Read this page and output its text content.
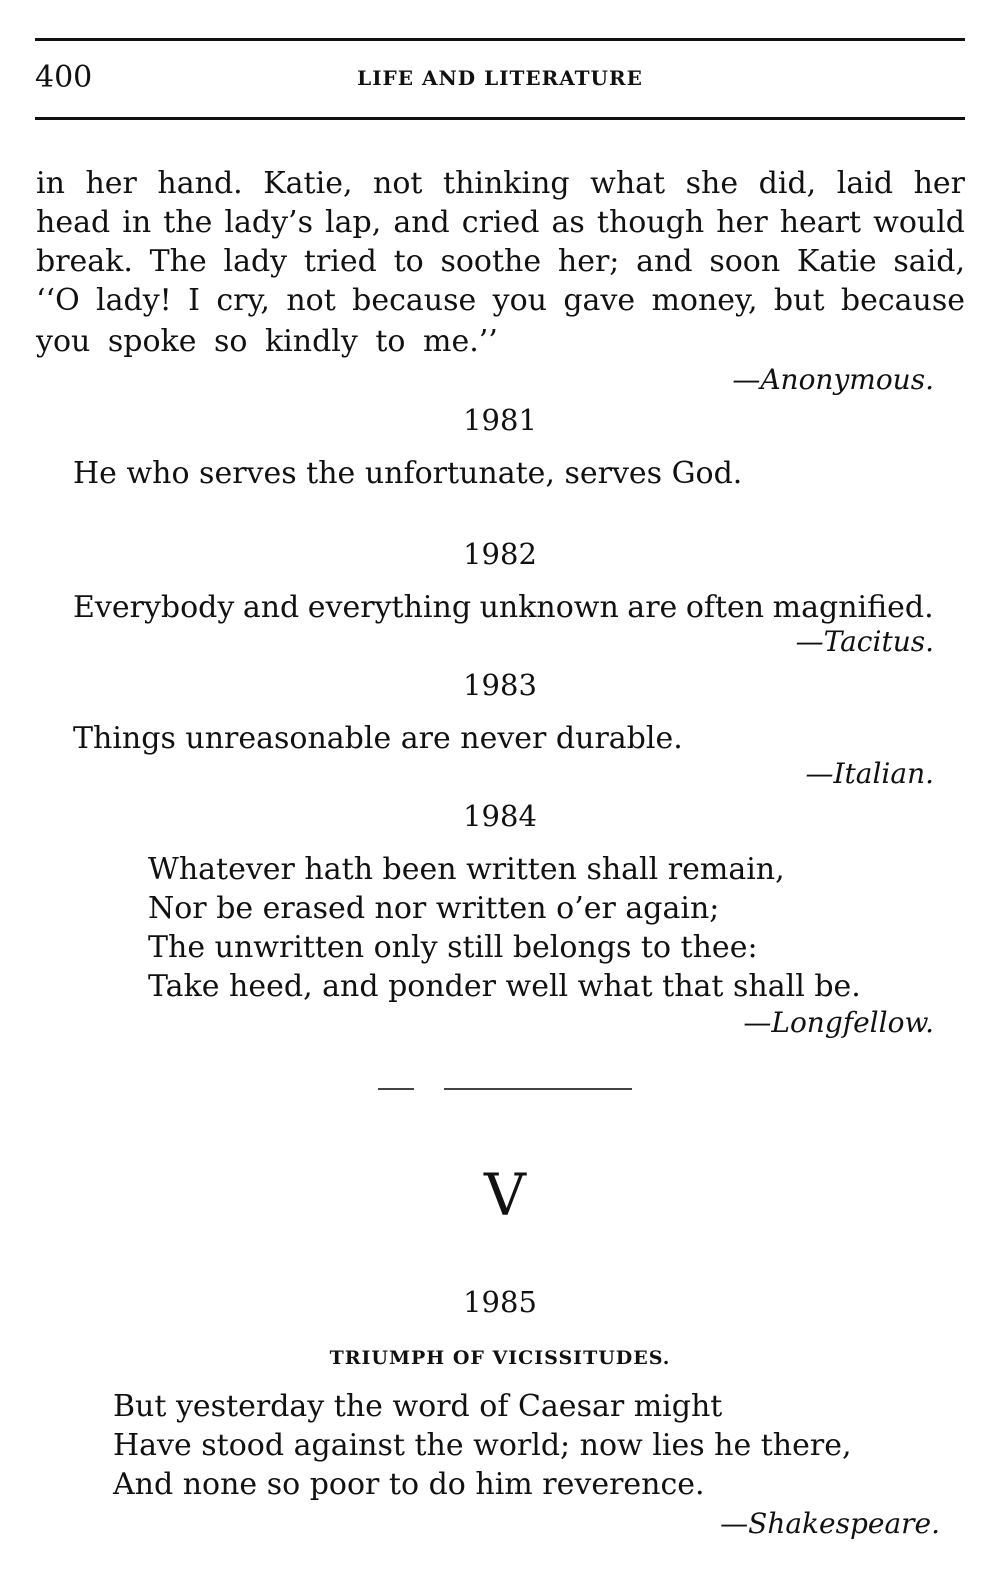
400	LIFE AND LITERATURE
in her hand. Katie, not thinking what she did, laid her
head in the lady’s lap, and cried as though her heart would
break. The lady tried to soothe her; and soon Katie said,
‘‘O lady! I cry, not because you gave money, but because
you spoke so kindly to me.’’
—Anonymous.
1981
He who serves the unfortunate, serves God.
1982
Everybody and everything unknown are often magnified.
—Tacitus.
1983
Things unreasonable are never durable.
—Italian.
1984
Whatever hath been written shall remain,
Nor be erased nor written o’er again;
The unwritten only still belongs to thee:
Take heed, and ponder well what that shall be.
—Longfellow.
V
1985
TRIUMPH OF VICISSITUDES.
But yesterday the word of Caesar might
Have stood against the world; now lies he there,
And none so poor to do him reverence.
—Shakespeare.
